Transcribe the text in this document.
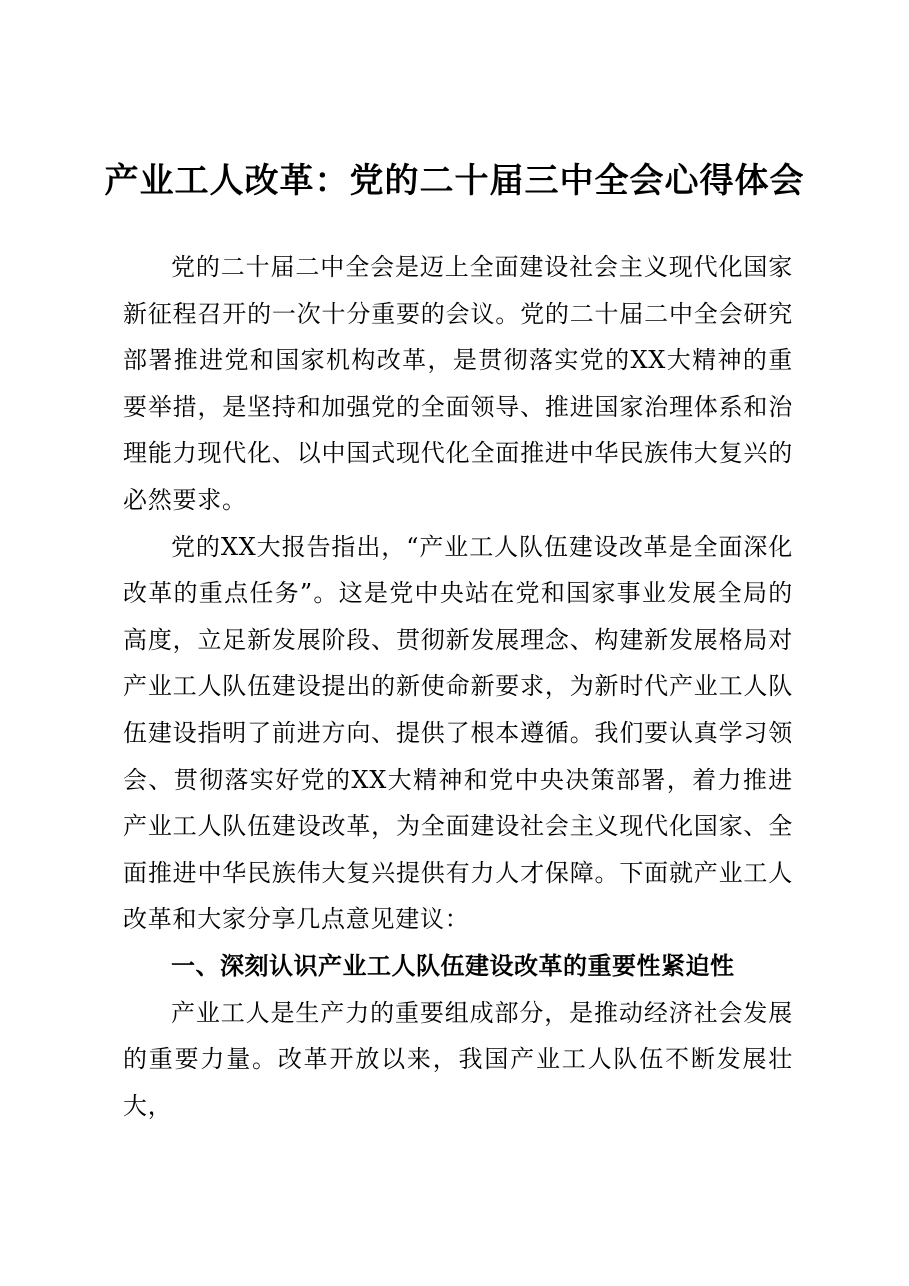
产业工人改革：党的二十届三中全会心得体会

党的二十届二中全会是迈上全面建设社会主义现代化国家新征程召开的一次十分重要的会议。党的二十届二中全会研究部署推进党和国家机构改革，是贯彻落实党的XX大精神的重要举措，是坚持和加强党的全面领导、推进国家治理体系和治理能力现代化、以中国式现代化全面推进中华民族伟大复兴的必然要求。

党的XX大报告指出，“产业工人队伍建设改革是全面深化改革的重点任务”。这是党中央站在党和国家事业发展全局的高度，立足新发展阶段、贯彻新发展理念、构建新发展格局对产业工人队伍建设提出的新使命新要求，为新时代产业工人队伍建设指明了前进方向、提供了根本遵循。我们要认真学习领会、贯彻落实好党的XX大精神和党中央决策部署，着力推进产业工人队伍建设改革，为全面建设社会主义现代化国家、全面推进中华民族伟大复兴提供有力人才保障。下面就产业工人改革和大家分享几点意见建议：

一、深刻认识产业工人队伍建设改革的重要性紧迫性

产业工人是生产力的重要组成部分，是推动经济社会发展的重要力量。改革开放以来，我国产业工人队伍不断发展壮大，
